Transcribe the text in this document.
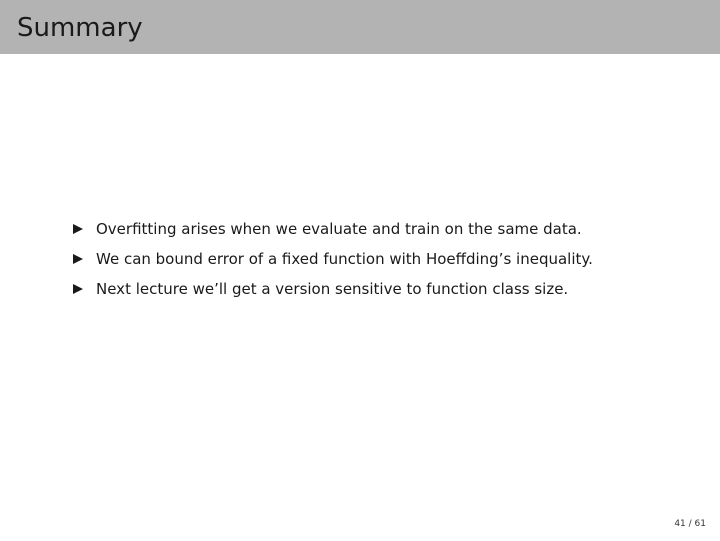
Summary
Overfitting arises when we evaluate and train on the same data.
We can bound error of a fixed function with Hoeffding’s inequality.
Next lecture we’ll get a version sensitive to function class size.
41 / 61
